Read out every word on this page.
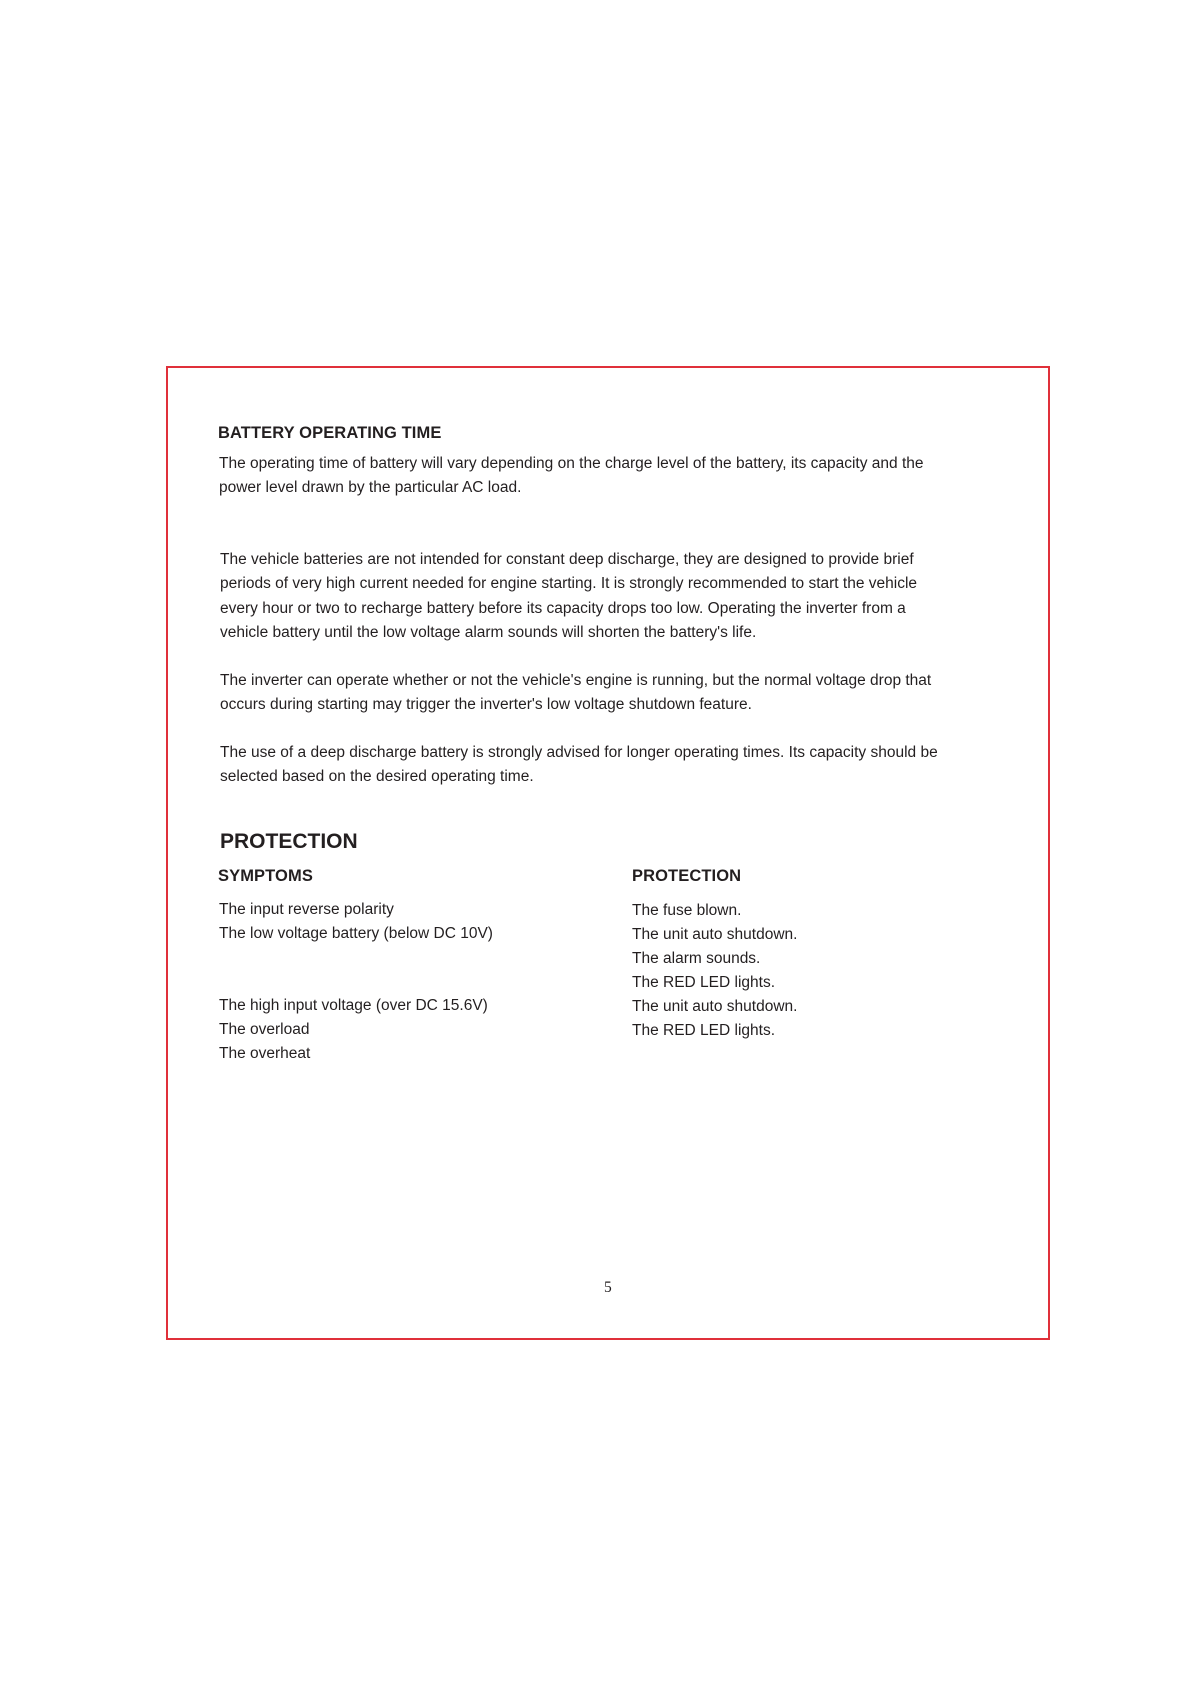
BATTERY OPERATING TIME
The operating time of battery will vary depending on the charge level of the battery, its capacity and the
power level drawn by the particular AC load.
The vehicle batteries are not intended for constant deep discharge, they are designed to provide brief
periods of very high current needed for engine starting. It is strongly recommended to start the vehicle
every hour or two to recharge battery before its capacity drops too low. Operating the inverter from a
vehicle battery until the low voltage alarm sounds will shorten the battery's life.
The inverter can operate whether or not the vehicle's engine is running, but the normal voltage drop that
occurs during starting may trigger the inverter's low voltage shutdown feature.
The use of a deep discharge battery is strongly advised for longer operating times. Its capacity should be
selected based on the desired operating time.
PROTECTION
SYMPTOMS	PROTECTION
The input reverse polarity
The low voltage battery (below DC 10V)
The high input voltage (over DC 15.6V)
The overload
The overheat
The fuse blown.
The unit auto shutdown.
The alarm sounds.
The RED LED lights.
The unit auto shutdown.
The RED LED lights.
5
